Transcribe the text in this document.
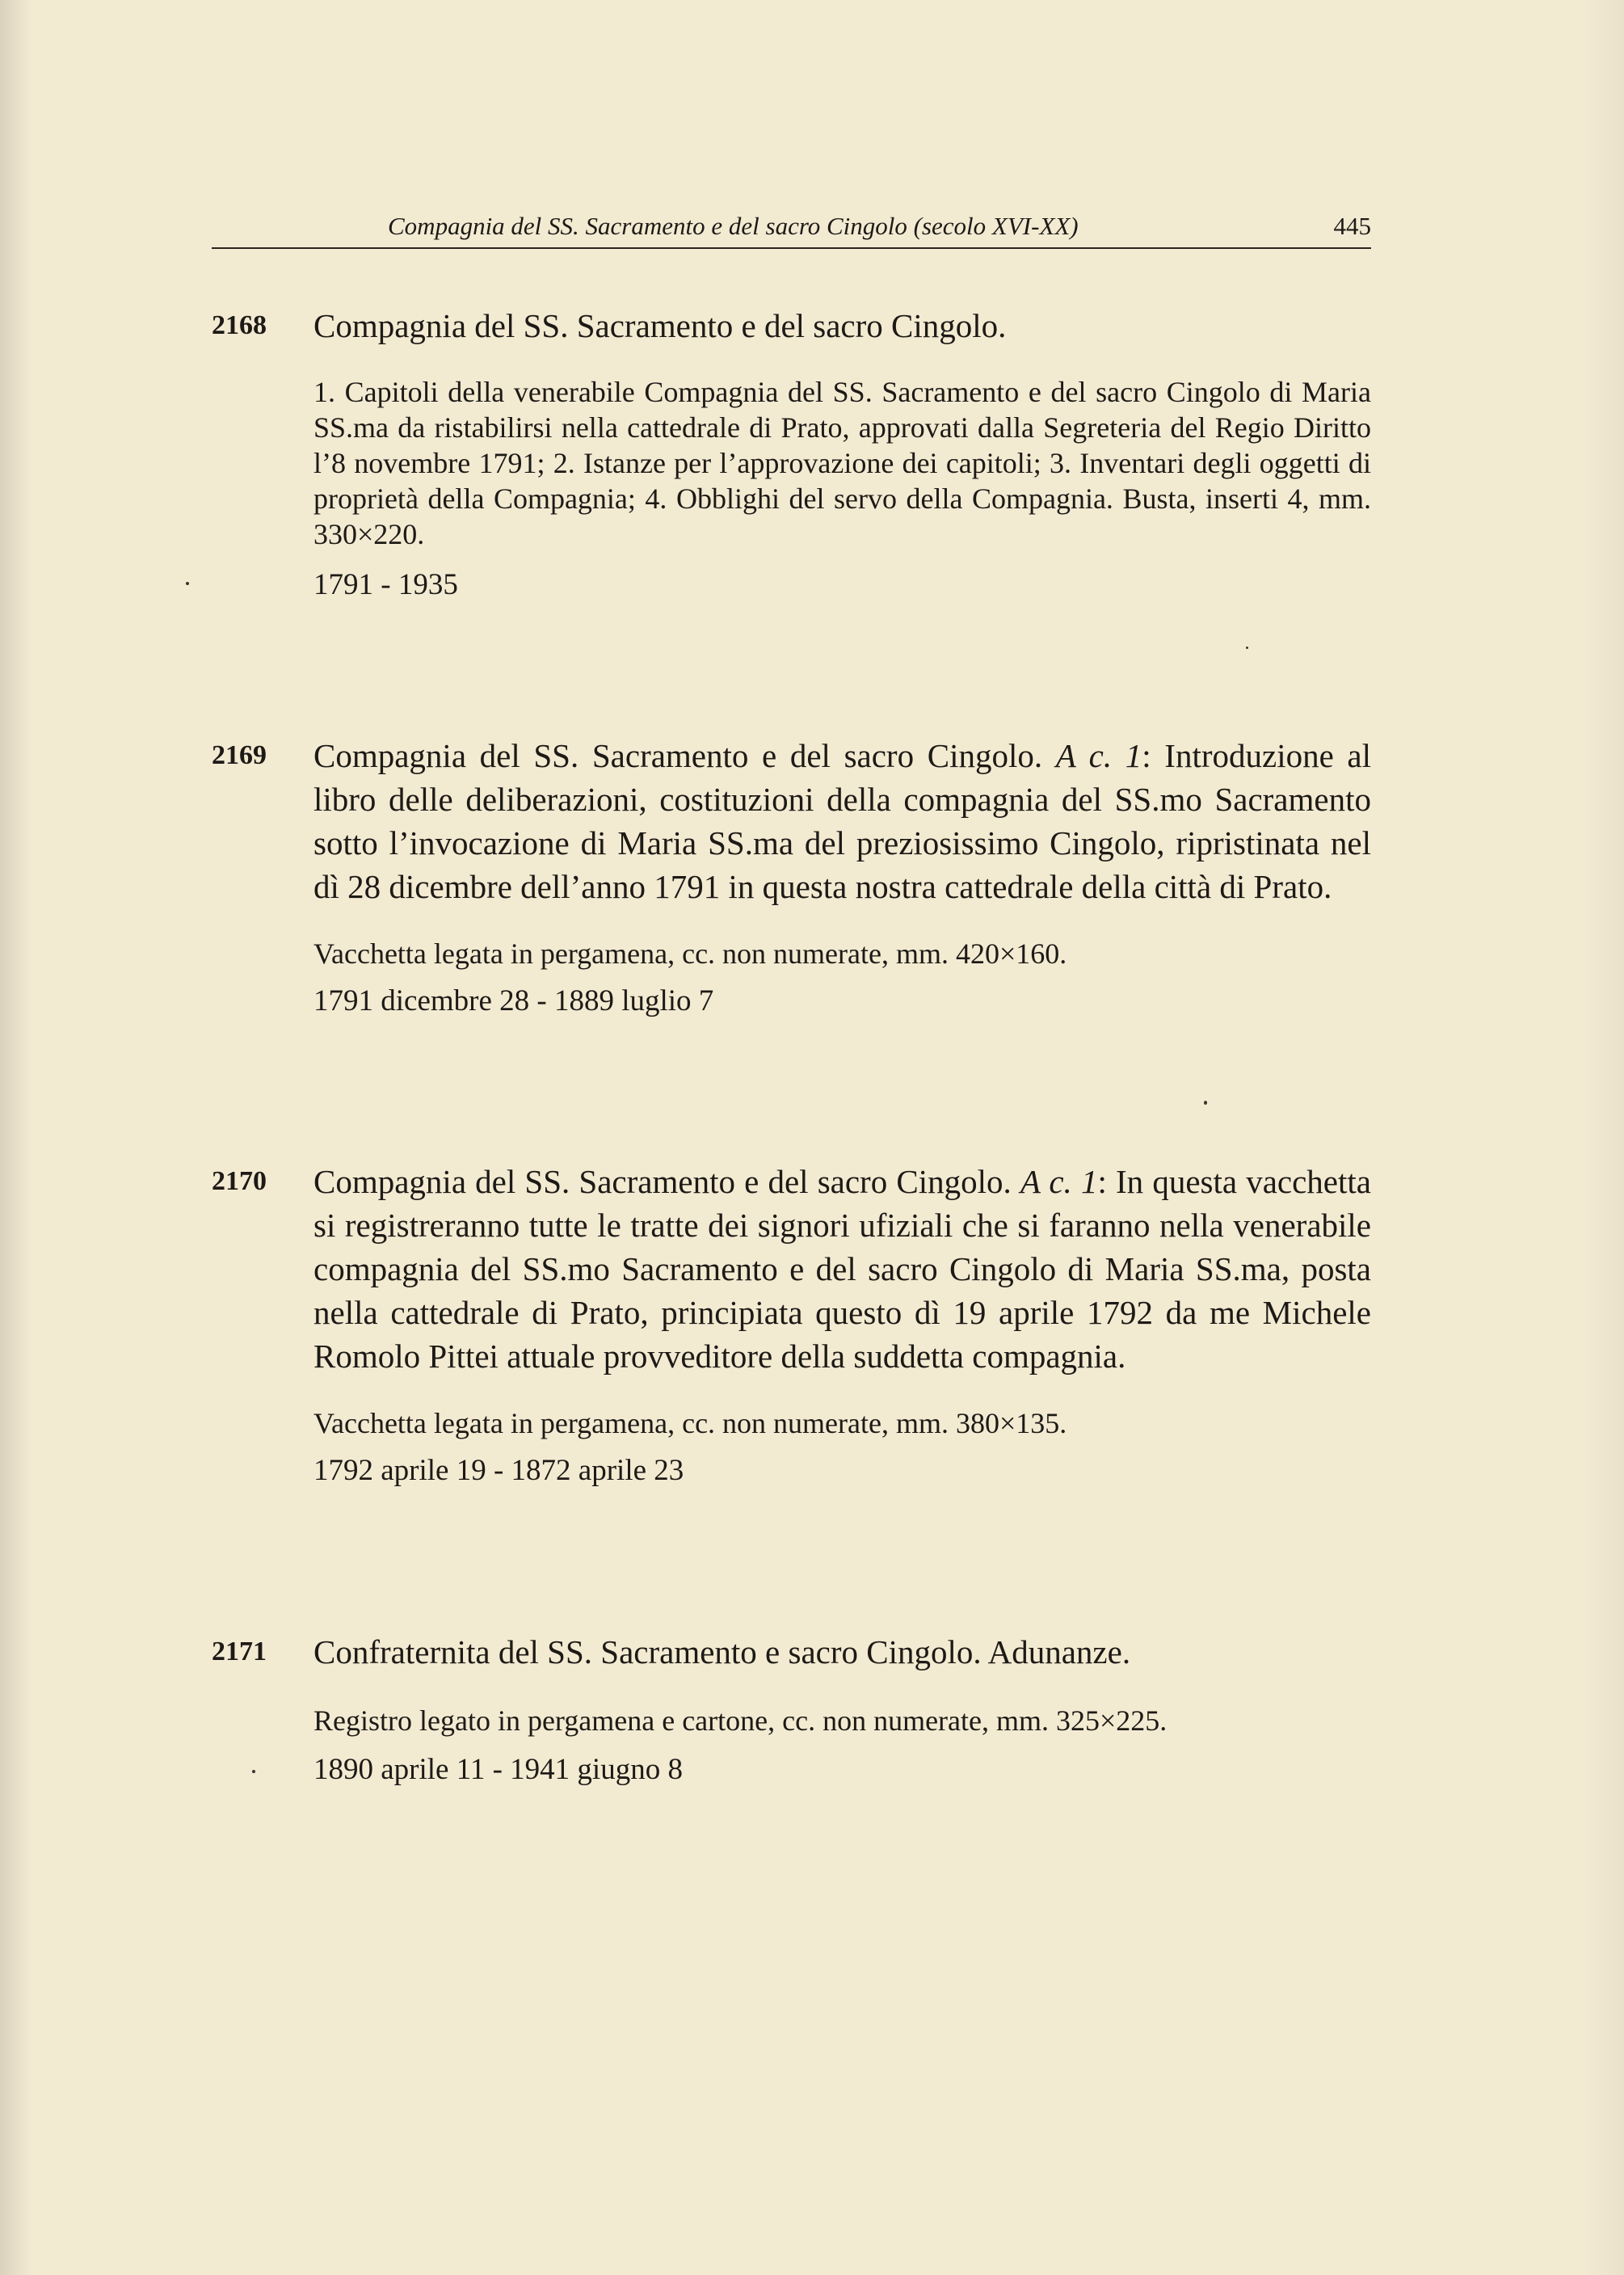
Compagnia del SS. Sacramento e del sacro Cingolo (secolo XVI-XX)	445
2168 Compagnia del SS. Sacramento e del sacro Cingolo.
1. Capitoli della venerabile Compagnia del SS. Sacramento e del sacro Cingolo di Maria SS.ma da ristabilirsi nella cattedrale di Prato, approvati dalla Segreteria del Regio Diritto l’8 novembre 1791; 2. Istanze per l’approvazione dei capitoli; 3. Inventari degli oggetti di proprietà della Compagnia; 4. Obblighi del servo della Compagnia. Busta, inserti 4, mm. 330×220.
1791 - 1935
2169 Compagnia del SS. Sacramento e del sacro Cingolo. A c. 1: Introduzione al libro delle deliberazioni, costituzioni della compagnia del SS.mo Sacramento sotto l’invocazione di Maria SS.ma del preziosissimo Cingolo, ripristinata nel dì 28 dicembre dell’anno 1791 in questa nostra cattedrale della città di Prato.
Vacchetta legata in pergamena, cc. non numerate, mm. 420×160.
1791 dicembre 28 - 1889 luglio 7
2170 Compagnia del SS. Sacramento e del sacro Cingolo. A c. 1: In questa vacchetta si registreranno tutte le tratte dei signori ufiziali che si faranno nella venerabile compagnia del SS.mo Sacramento e del sacro Cingolo di Maria SS.ma, posta nella cattedrale di Prato, principiata questo dì 19 aprile 1792 da me Michele Romolo Pittei attuale provveditore della suddetta compagnia.
Vacchetta legata in pergamena, cc. non numerate, mm. 380×135.
1792 aprile 19 - 1872 aprile 23
2171 Confraternita del SS. Sacramento e sacro Cingolo. Adunanze.
Registro legato in pergamena e cartone, cc. non numerate, mm. 325×225.
1890 aprile 11 - 1941 giugno 8
